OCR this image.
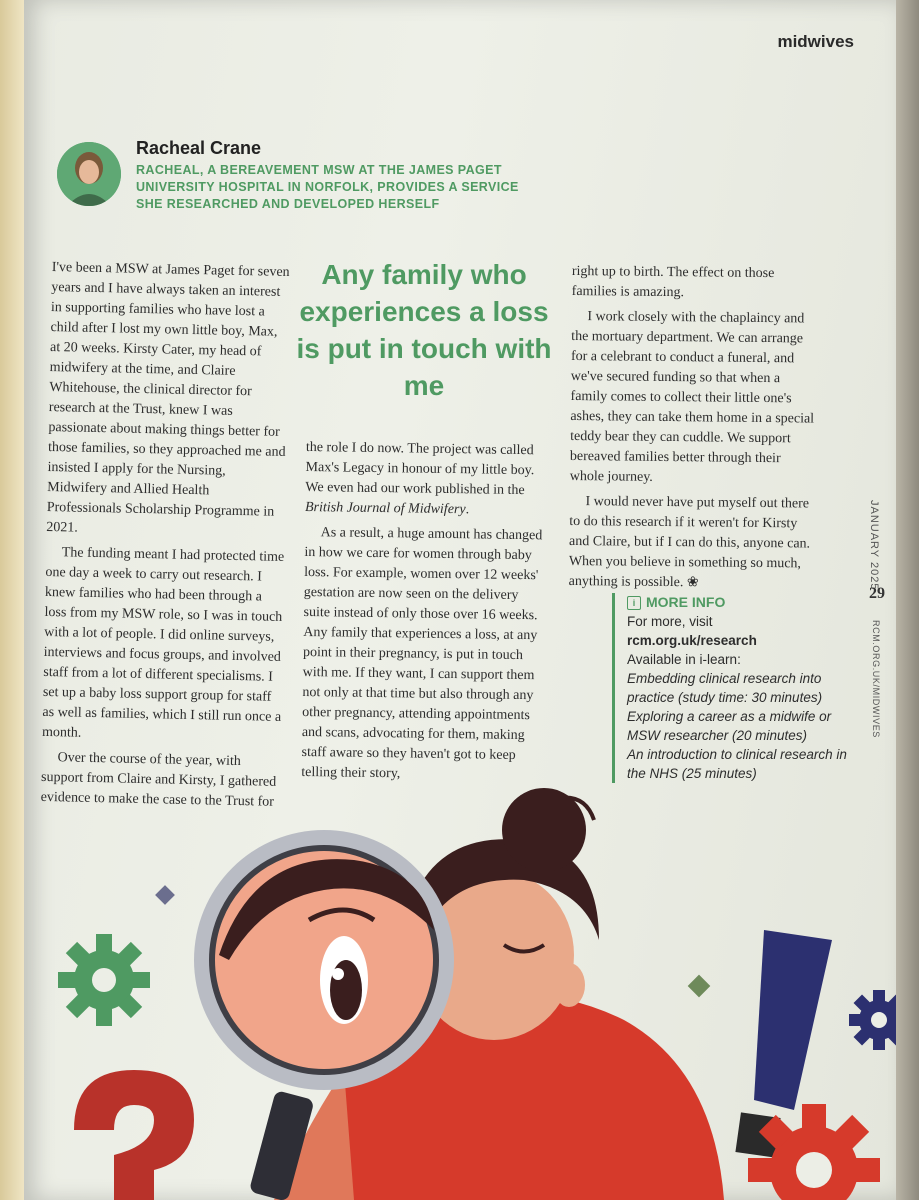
midwives
Racheal Crane
RACHEAL, A BEREAVEMENT MSW AT THE JAMES PAGET UNIVERSITY HOSPITAL IN NORFOLK, PROVIDES A SERVICE SHE RESEARCHED AND DEVELOPED HERSELF

I've been a MSW at James Paget for seven years and I have always taken an interest in supporting families who have lost a child after I lost my own little boy, Max, at 20 weeks. Kirsty Cater, my head of midwifery at the time, and Claire Whitehouse, the clinical director for research at the Trust, knew I was passionate about making things better for those families, so they approached me and insisted I apply for the Nursing, Midwifery and Allied Health Professionals Scholarship Programme in 2021.

The funding meant I had protected time one day a week to carry out research. I knew families who had been through a loss from my MSW role, so I was in touch with a lot of people. I did online surveys, interviews and focus groups, and involved staff from a lot of different specialisms. I set up a baby loss support group for staff as well as families, which I still run once a month.

Over the course of the year, with support from Claire and Kirsty, I gathered evidence to make the case to the Trust for

Any family who experiences a loss is put in touch with me

the role I do now. The project was called Max's Legacy in honour of my little boy. We even had our work published in the British Journal of Midwifery.

As a result, a huge amount has changed in how we care for women through baby loss. For example, women over 12 weeks' gestation are now seen on the delivery suite instead of only those over 16 weeks. Any family that experiences a loss, at any point in their pregnancy, is put in touch with me. If they want, I can support them not only at that time but also through any other pregnancy, attending appointments and scans, advocating for them, making staff aware so they haven't got to keep telling their story,

right up to birth. The effect on those families is amazing.

I work closely with the chaplaincy and the mortuary department. We can arrange for a celebrant to conduct a funeral, and we've secured funding so that when a family comes to collect their little one's ashes, they can take them home in a special teddy bear they can cuddle. We support bereaved families better through their whole journey.

I would never have put myself out there to do this research if it weren't for Kirsty and Claire, but if I can do this, anyone can. When you believe in something so much, anything is possible. ❀

i MORE INFO
For more, visit
rcm.org.uk/research
Available in i-learn:
Embedding clinical research into practice (study time: 30 minutes)
Exploring a career as a midwife or MSW researcher (20 minutes)
An introduction to clinical research in the NHS (25 minutes)
JANUARY 2025
29
RCM.ORG.UK/MIDWIVES
